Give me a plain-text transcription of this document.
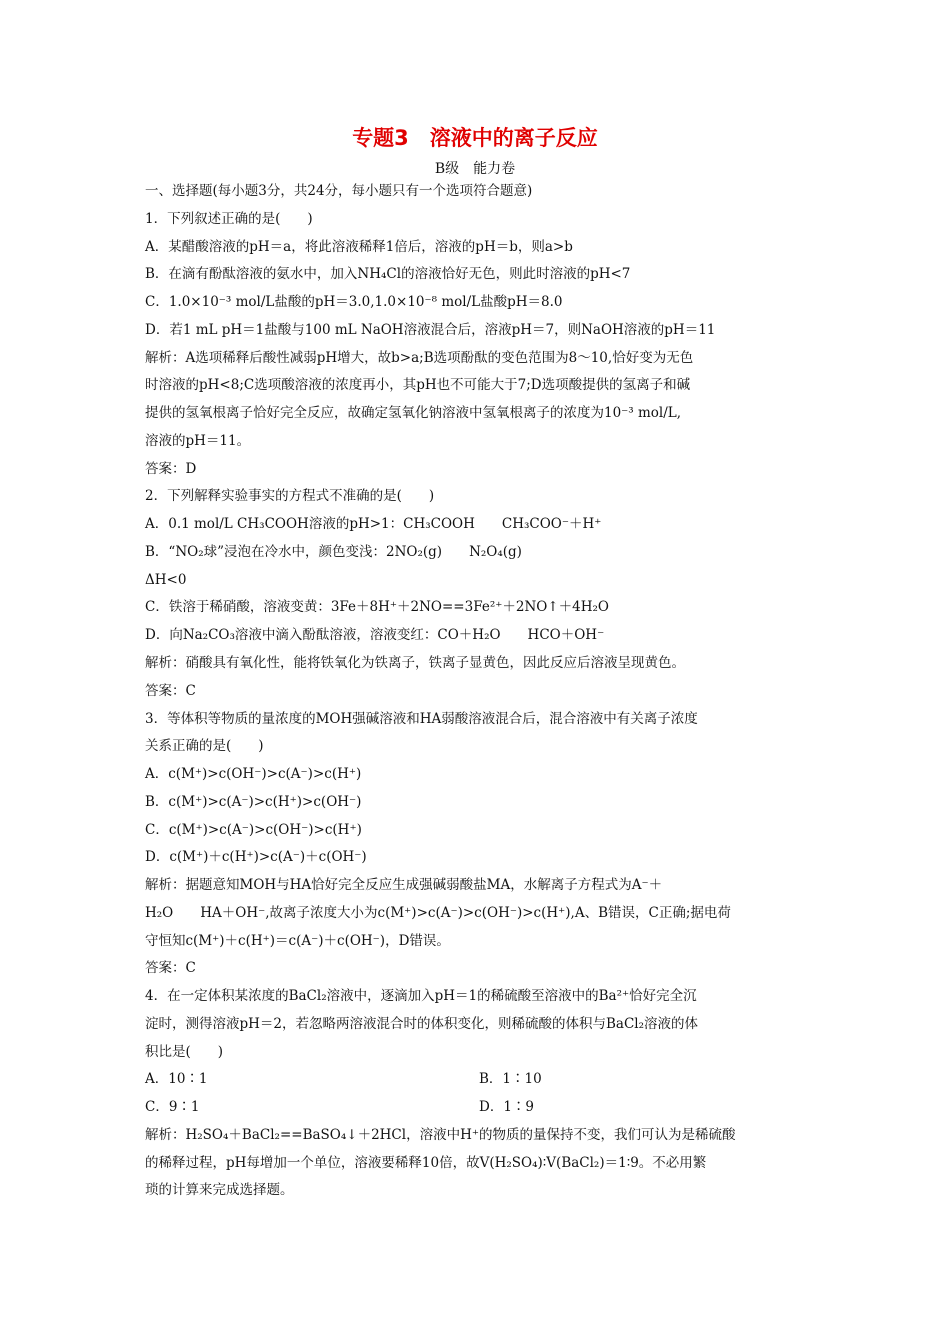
专题3　溶液中的离子反应
B级　能力卷
一、选择题(每小题3分，共24分，每小题只有一个选项符合题意)
1．下列叙述正确的是(　　)
A．某醋酸溶液的pH＝a，将此溶液稀释1倍后，溶液的pH＝b，则a>b
B．在滴有酚酞溶液的氨水中，加入NH₄Cl的溶液恰好无色，则此时溶液的pH<7
C．1.0×10⁻³ mol/L盐酸的pH＝3.0,1.0×10⁻⁸ mol/L盐酸pH＝8.0
D．若1 mL pH＝1盐酸与100 mL NaOH溶液混合后，溶液pH＝7，则NaOH溶液的pH＝11
解析：A选项稀释后酸性减弱pH增大，故b>a;B选项酚酞的变色范围为8～10,恰好变为无色
时溶液的pH<8;C选项酸溶液的浓度再小，其pH也不可能大于7;D选项酸提供的氢离子和碱
提供的氢氧根离子恰好完全反应，故确定氢氧化钠溶液中氢氧根离子的浓度为10⁻³ mol/L,
溶液的pH＝11。
答案：D
2．下列解释实验事实的方程式不准确的是(　　)
A．0.1 mol/L CH₃COOH溶液的pH>1：CH₃COOH　　CH₃COO⁻＋H⁺
B．“NO₂球”浸泡在冷水中，颜色变浅：2NO₂(g)　　N₂O₄(g)
ΔH<0
C．铁溶于稀硝酸，溶液变黄：3Fe＋8H⁺＋2NO==3Fe²⁺＋2NO↑＋4H₂O
D．向Na₂CO₃溶液中滴入酚酞溶液，溶液变红：CO＋H₂O　　HCO＋OH⁻
解析：硝酸具有氧化性，能将铁氧化为铁离子，铁离子显黄色，因此反应后溶液呈现黄色。
答案：C
3．等体积等物质的量浓度的MOH强碱溶液和HA弱酸溶液混合后，混合溶液中有关离子浓度
关系正确的是(　　)
A．c(M⁺)>c(OH⁻)>c(A⁻)>c(H⁺)
B．c(M⁺)>c(A⁻)>c(H⁺)>c(OH⁻)
C．c(M⁺)>c(A⁻)>c(OH⁻)>c(H⁺)
D．c(M⁺)＋c(H⁺)>c(A⁻)＋c(OH⁻)
解析：据题意知MOH与HA恰好完全反应生成强碱弱酸盐MA，水解离子方程式为A⁻＋
H₂O　　HA＋OH⁻,故离子浓度大小为c(M⁺)>c(A⁻)>c(OH⁻)>c(H⁺),A、B错误，C正确;据电荷
守恒知c(M⁺)＋c(H⁺)＝c(A⁻)＋c(OH⁻)，D错误。
答案：C
4．在一定体积某浓度的BaCl₂溶液中，逐滴加入pH＝1的稀硫酸至溶液中的Ba²⁺恰好完全沉
淀时，测得溶液pH＝2，若忽略两溶液混合时的体积变化，则稀硫酸的体积与BaCl₂溶液的体
积比是(　　)
A．10∶1	B．1∶10
C．9∶1	D．1∶9
解析：H₂SO₄＋BaCl₂==BaSO₄↓＋2HCl，溶液中H⁺的物质的量保持不变，我们可认为是稀硫酸
的稀释过程，pH每增加一个单位，溶液要稀释10倍，故V(H₂SO₄)∶V(BaCl₂)＝1∶9。不必用繁
琐的计算来完成选择题。
